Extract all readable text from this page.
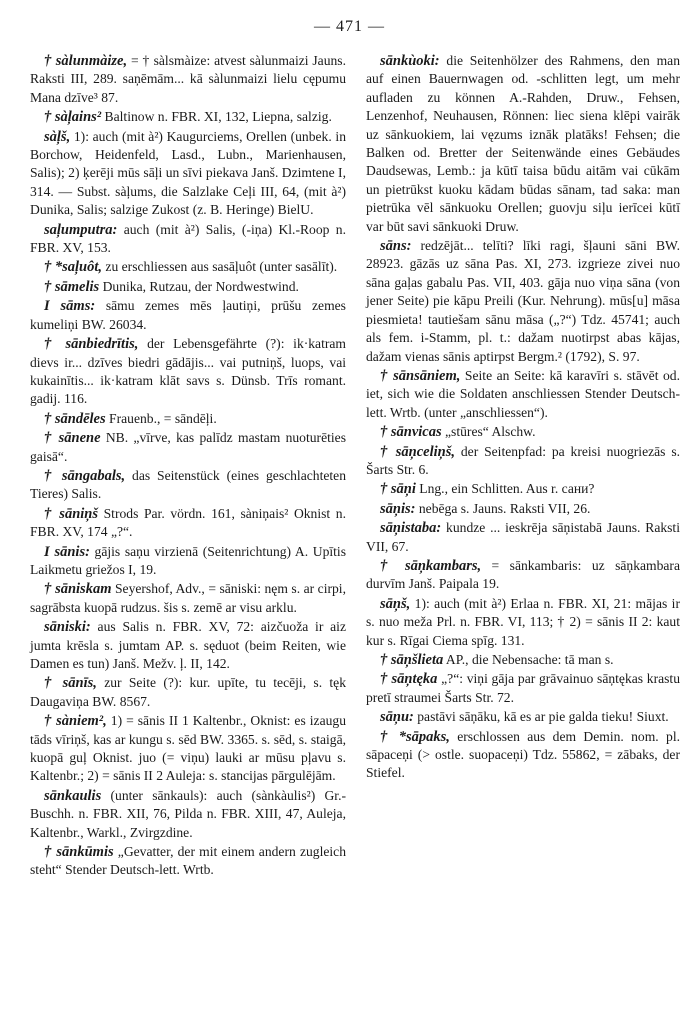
— 471 —

† sàlunmàize, = † sàlsmàize: atvest sàlunmaizi Jauns. Raksti III, 289. saņēmām... kā sàlunmaizi lielu cępumu Mana dzīve³ 87.

† sàļains² Baltinow n. FBR. XI, 132, Liepna, salzig.

sàļš, 1): auch (mit à²) Kaugurciems, Orellen (unbek. in Borchow, Heidenfeld, Lasd., Lubn., Marienhausen, Salis); 2) ķerēji mūs sāļi un sīvi piekava Janš. Dzimtene I, 314. — Subst. sàļums, die Salzlake Ceļi III, 64, (mit à²) Dunika, Salis; salzige Zukost (z. B. Heringe) BielU.

saļumputra: auch (mit à²) Salis, (-iņa) Kl.-Roop n. FBR. XV, 153.

† *saļuôt, zu erschliessen aus sasāļuôt (unter sasālīt).

† sāmelis Dunika, Rutzau, der Nordwestwind.

I sāms: sāmu zemes mēs ļautiņi, prūšu zemes kumeliņi BW. 26034.

† sānbiedrītis, der Lebensgefährte (?): ik·katram dievs ir... dzīves biedri gādājis... vai putniņš, luops, vai kukainītis... ik·katram klāt savs s. Dünsb. Trīs romant. gadij. 116.

† sāndēles Frauenb., = sāndēļi.

† sānene NB. „vīrve, kas palīdz mastam nuoturēties gaisā“.

† sāngabals, das Seitenstück (eines geschlachteten Tieres) Salis.

† sāniņš Strods Par. vördn. 161, sàniņais² Oknist n. FBR. XV, 174 „?“.

I sānis: gājis saņu virzienā (Seitenrichtung) A. Upītis Laikmetu griežos I, 19.

† sāniskam Seyershof, Adv., = sāniski: nęm s. ar cirpi, sagrābsta kuopā rudzus. šis s. zemē ar visu arklu.

sāniski: aus Salis n. FBR. XV, 72: aizčuoža ir aiz jumta krēsla s. jumtam AP. s. sęduot (beim Reiten, wie Damen es tun) Janš. Mežv. ļ. II, 142.

† sānīs, zur Seite (?): kur. upīte, tu tecēji, s. tęk Daugaviņa BW. 8567.

† sàniem², 1) = sānis II 1 Kaltenbr., Oknist: es izaugu tāds vīriņš, kas ar kungu s. sēd BW. 3365. s. sēd, s. staigā, kuopā guļ Oknist. juo (= viņu) lauki ar mūsu pļavu s. Kaltenbr.; 2) = sānis II 2 Auleja: s. stancijas pārgulējām.

sānkaulis (unter sānkauls): auch (sànkàulis²) Gr.-Buschh. n. FBR. XII, 76, Pilda n. FBR. XIII, 47, Auleja, Kaltenbr., Warkl., Zvirgzdine.

† sānkūmis „Gevatter, der mit einem andern zugleich steht“ Stender Deutsch-lett. Wrtb.

sānkùoki: die Seitenhölzer des Rahmens, den man auf einen Bauernwagen od. -schlitten legt, um mehr aufladen zu können A.-Rahden, Druw., Fehsen, Lenzenhof, Neuhausen, Rönnen: liec siena klēpi vairāk uz sānkuokiem, lai vęzums iznāk platāks! Fehsen; die Balken od. Bretter der Seitenwände eines Gebäudes Daudsewas, Lemb.: ja kūtī taisa būdu aitām vai cūkām un pietrūkst kuoku kādam būdas sānam, tad saka: man pietrūka vēl sānkuoku Orellen; guovju siļu ierīcei kūtī var būt savi sānkuoki Druw.

sāns: redzējāt... telīti? līki ragi, šļauni sāni BW. 28923. gāzās uz sāna Pas. XI, 273. izgrieze zivei nuo sāna gaļas gabalu Pas. VII, 403. gāja nuo viņa sāna (von jener Seite) pie kāpu Preili (Kur. Nehrung). mūs[u] māsa piesmieta! tautiešam sānu māsa („?“) Tdz. 45741; auch als fem. i-Stamm, pl. t.: dažam nuotirpst abas kājas, dažam vienas sānis aptirpst Bergm.² (1792), S. 97.

† sānsāniem, Seite an Seite: kā karavīri s. stāvēt od. iet, sich wie die Soldaten anschliessen Stender Deutsch-lett. Wrtb. (unter „anschliessen“).

† sānvicas „stūres“ Alschw.

† sāņceliņš, der Seitenpfad: pa kreisi nuogriezās s. Šarts Str. 6.

† sāņi Lng., ein Schlitten. Aus r. сани?

sāņis: nebēga s. Jauns. Raksti VII, 26.

sāņistaba: kundze ... ieskrēja sāņistabā Jauns. Raksti VII, 67.

† sāņkambars, = sānkambaris: uz sāņkambara durvīm Janš. Paipala 19.

sāņš, 1): auch (mit à²) Erlaa n. FBR. XI, 21: mājas ir s. nuo meža Prl. n. FBR. VI, 113; † 2) = sānis II 2: kaut kur s. Rīgai Ciema spīg. 131.

† sāņšlieta AP., die Nebensache: tā man s.

† sāņtęka „?“: viņi gāja par grāvainuo sāņtękas krastu pretī straumei Šarts Str. 72.

sāņu: pastāvi sāņāku, kā es ar pie galda tieku! Siuxt.

† *sāpaks, erschlossen aus dem Demin. nom. pl. sāpaceņi (> ostle. suopaceņi) Tdz. 55862, = zābaks, der Stiefel.
